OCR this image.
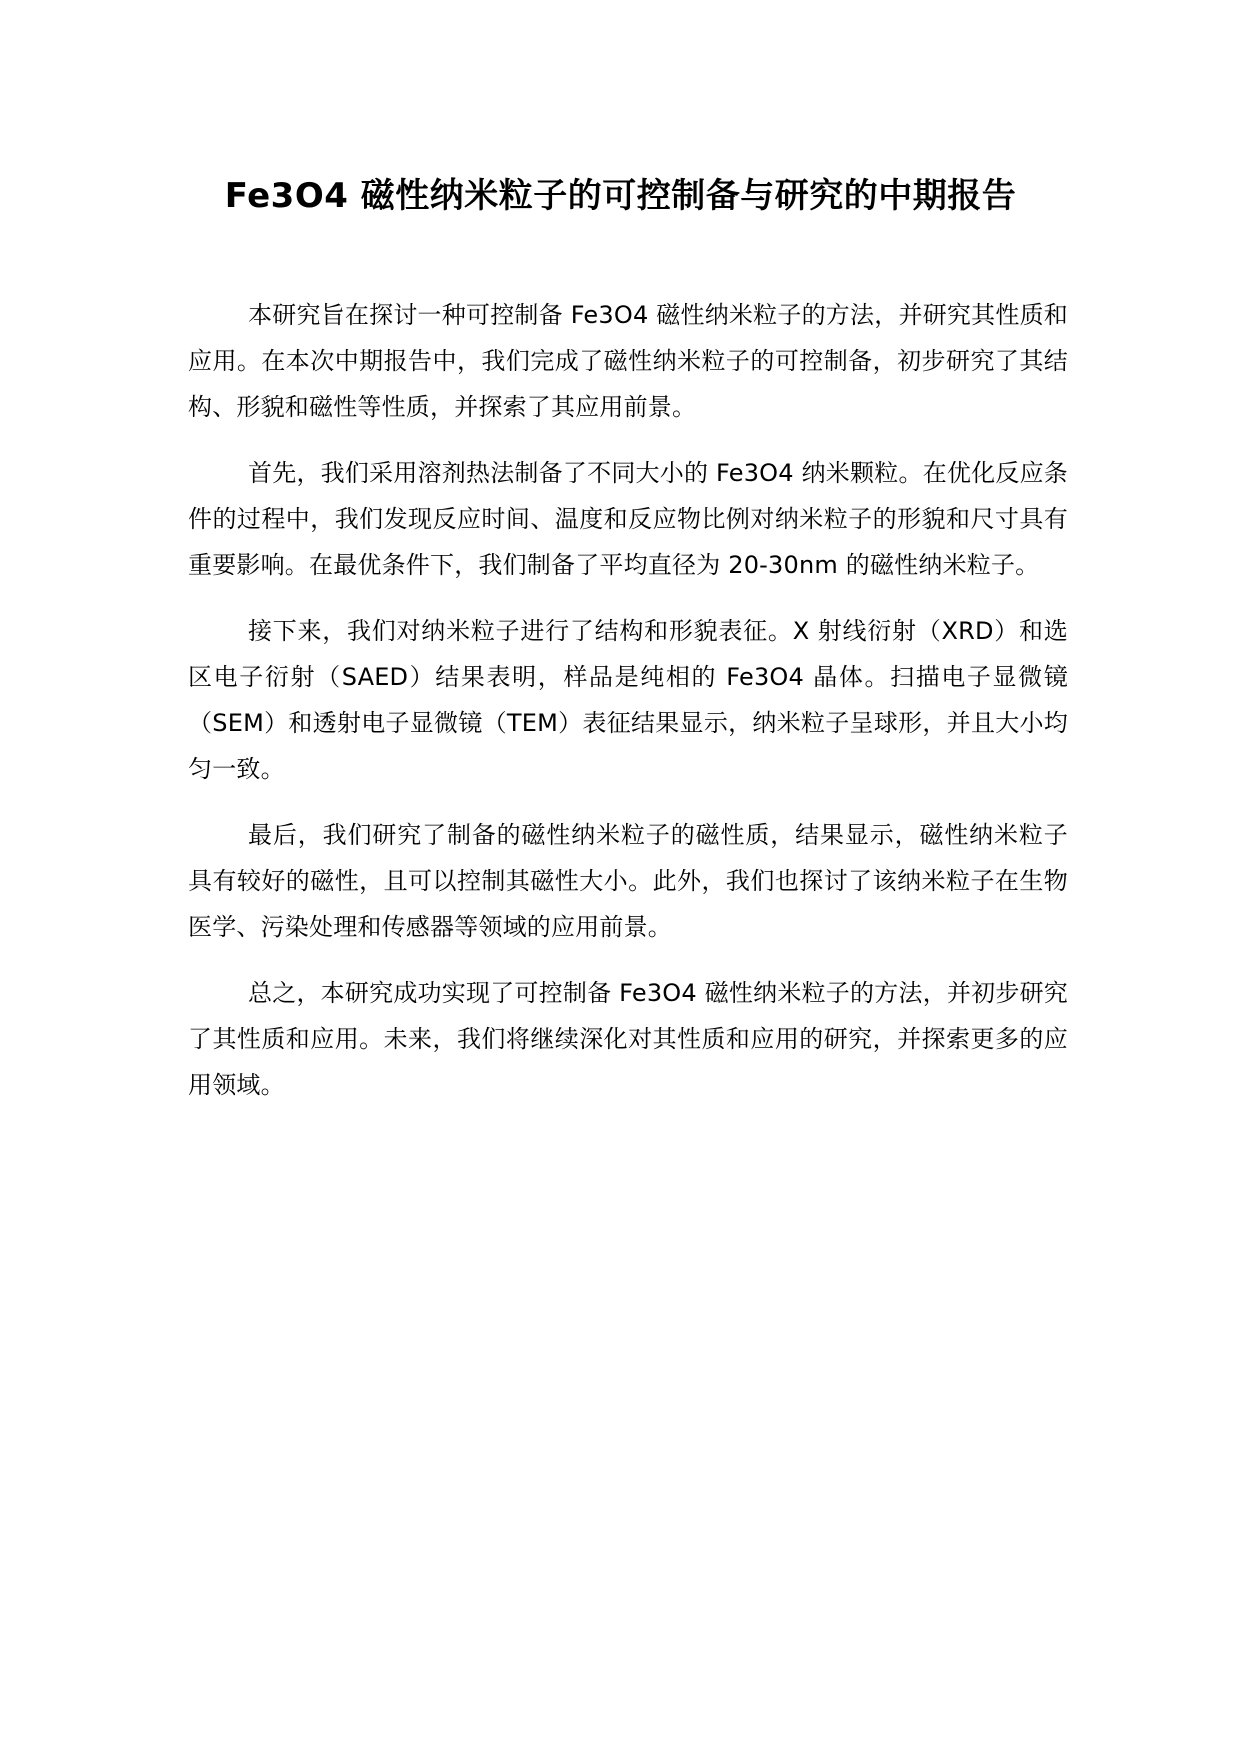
Fe3O4 磁性纳米粒子的可控制备与研究的中期报告

本研究旨在探讨一种可控制备 Fe3O4 磁性纳米粒子的方法，并研究其性质和应用。在本次中期报告中，我们完成了磁性纳米粒子的可控制备，初步研究了其结构、形貌和磁性等性质，并探索了其应用前景。

首先，我们采用溶剂热法制备了不同大小的 Fe3O4 纳米颗粒。在优化反应条件的过程中，我们发现反应时间、温度和反应物比例对纳米粒子的形貌和尺寸具有重要影响。在最优条件下，我们制备了平均直径为 20-30nm 的磁性纳米粒子。

接下来，我们对纳米粒子进行了结构和形貌表征。X 射线衍射（XRD）和选区电子衍射（SAED）结果表明，样品是纯相的 Fe3O4 晶体。扫描电子显微镜（SEM）和透射电子显微镜（TEM）表征结果显示，纳米粒子呈球形，并且大小均匀一致。

最后，我们研究了制备的磁性纳米粒子的磁性质，结果显示，磁性纳米粒子具有较好的磁性，且可以控制其磁性大小。此外，我们也探讨了该纳米粒子在生物医学、污染处理和传感器等领域的应用前景。

总之，本研究成功实现了可控制备 Fe3O4 磁性纳米粒子的方法，并初步研究了其性质和应用。未来，我们将继续深化对其性质和应用的研究，并探索更多的应用领域。
